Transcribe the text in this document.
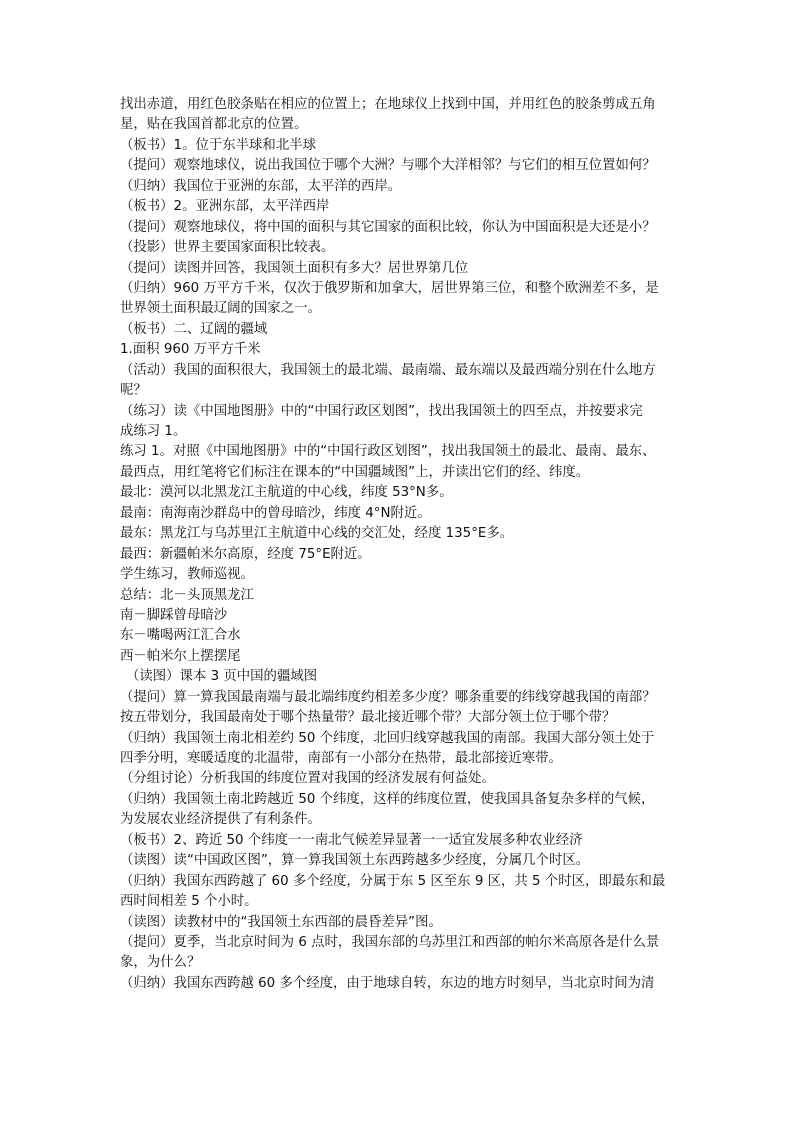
找出赤道，用红色胶条贴在相应的位置上；在地球仪上找到中国，并用红色的胶条剪成五角
星，贴在我国首都北京的位置。
（板书）1。位于东半球和北半球
（提问）观察地球仪，说出我国位于哪个大洲？与哪个大洋相邻？与它们的相互位置如何？
（归纳）我国位于亚洲的东部，太平洋的西岸。
（板书）2。亚洲东部，太平洋西岸
（提问）观察地球仪，将中国的面积与其它国家的面积比较，你认为中国面积是大还是小？
（投影）世界主要国家面积比较表。
（提问）读图并回答，我国领土面积有多大？居世界第几位
（归纳）960 万平方千米，仅次于俄罗斯和加拿大，居世界第三位，和整个欧洲差不多，是
世界领土面积最辽阔的国家之一。
（板书）二、辽阔的疆域
1.面积 960 万平方千米
（活动）我国的面积很大，我国领土的最北端、最南端、最东端以及最西端分别在什么地方
呢？
（练习）读《中国地图册》中的“中国行政区划图”，找出我国领土的四至点，并按要求完
成练习 1。
练习 1。对照《中国地图册》中的“中国行政区划图”，找出我国领土的最北、最南、最东、
最西点，用红笔将它们标注在课本的“中国疆域图”上，并读出它们的经、纬度。
最北：漠河以北黑龙江主航道的中心线，纬度 53°N多。
最南：南海南沙群岛中的曾母暗沙，纬度 4°N附近。
最东：黑龙江与乌苏里江主航道中心线的交汇处，经度 135°E多。
最西：新疆帕米尔高原，经度 75°E附近。
学生练习，教师巡视。
总结：北－头顶黑龙江
南－脚踩曾母暗沙
东－嘴喝两江汇合水
西－帕米尔上摆摆尾
（读图）课本 3 页中国的疆域图
（提问）算一算我国最南端与最北端纬度约相差多少度？哪条重要的纬线穿越我国的南部？
按五带划分，我国最南处于哪个热量带？最北接近哪个带？大部分领土位于哪个带？
（归纳）我国领土南北相差约 50 个纬度，北回归线穿越我国的南部。我国大部分领土处于
四季分明，寒暖适度的北温带，南部有一小部分在热带，最北部接近寒带。
（分组讨论）分析我国的纬度位置对我国的经济发展有何益处。
（归纳）我国领土南北跨越近 50 个纬度，这样的纬度位置，使我国具备复杂多样的气候，
为发展农业经济提供了有利条件。
（板书）2、跨近 50 个纬度一一南北气候差异显著一一适宜发展多种农业经济
（读图）读“中国政区图”，算一算我国领土东西跨越多少经度，分属几个时区。
（归纳）我国东西跨越了 60 多个经度，分属于东 5 区至东 9 区，共 5 个时区，即最东和最
西时间相差 5 个小时。
（读图）读教材中的“我国领土东西部的晨昏差异”图。
（提问）夏季，当北京时间为 6 点时，我国东部的乌苏里江和西部的帕尔米高原各是什么景
象，为什么？
（归纳）我国东西跨越 60 多个经度，由于地球自转，东边的地方时刻早，当北京时间为清
